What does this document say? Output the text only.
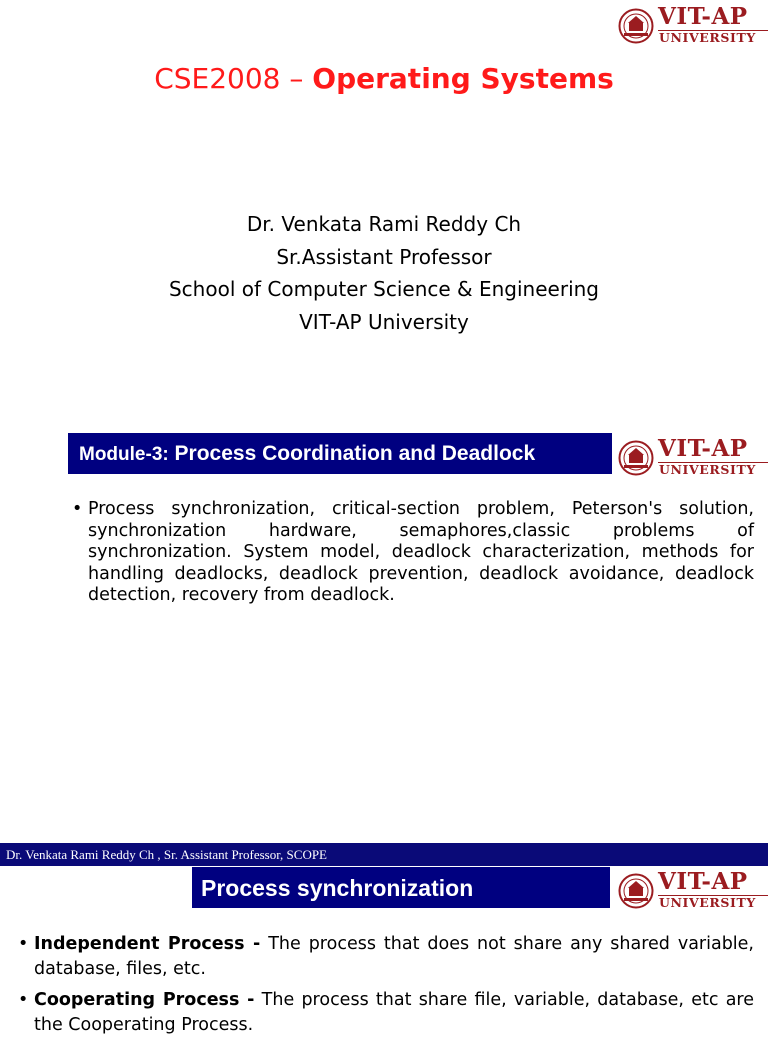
VIT-AP
UNIVERSITY
CSE2008 – Operating Systems
Dr. Venkata Rami Reddy Ch
Sr.Assistant Professor
School of Computer Science & Engineering
VIT-AP University
Module-3: Process Coordination and Deadlock	VIT-AP
UNIVERSITY
• Process synchronization, critical-section problem, Peterson's solution, synchronization hardware, semaphores,classic problems of synchronization. System model, deadlock characterization, methods for handling deadlocks, deadlock prevention, deadlock avoidance, deadlock detection, recovery from deadlock.
Dr. Venkata Rami Reddy Ch , Sr. Assistant Professor, SCOPE
Process synchronization	VIT-AP
UNIVERSITY
• Independent Process - The process that does not share any shared variable, database, files, etc.
• Cooperating Process - The process that share file, variable, database, etc are the Cooperating Process.
